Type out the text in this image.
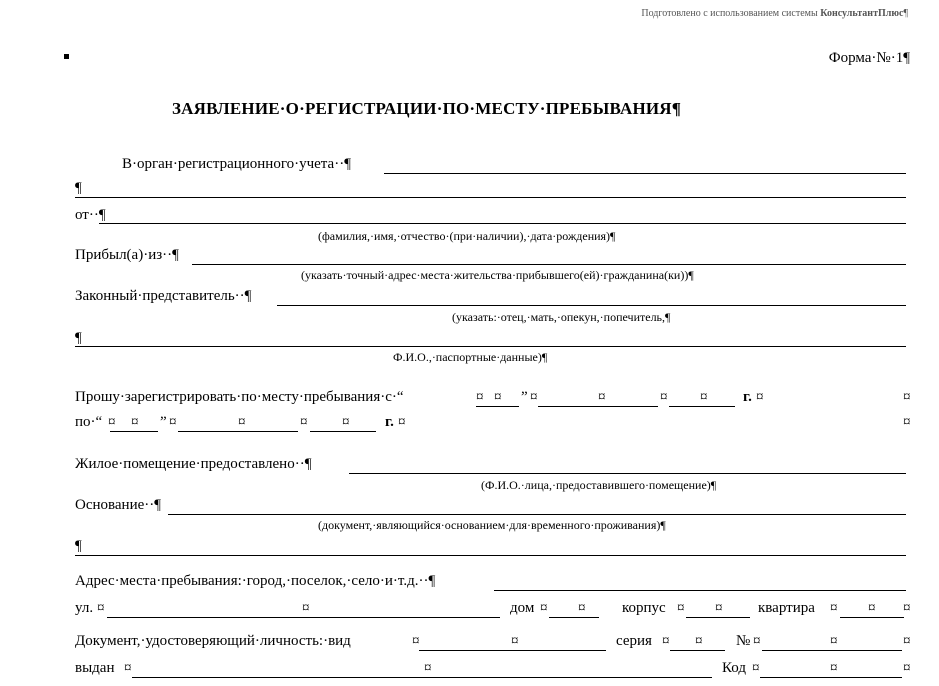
Подготовлено с использованием системы КонсультантПлюс¶
Форма·№·1¶
ЗАЯВЛЕНИЕ·О·РЕГИСТРАЦИИ·ПО·МЕСТУ·ПРЕБЫВАНИЯ¶
В·орган·регистрационного·учета··¶
¶
от··¶
(фамилия,·имя,·отчество·(при·наличии),·дата·рождения)¶
Прибыл(а)·из··¶
(указать·точный·адрес·места·жительства·прибывшего(ей)·гражданина(ки))¶
Законный·представитель··¶
(указать:·отец,·мать,·опекун,·попечитель,¶
¶
Ф.И.О.,·паспортные·данные)¶
Прошу·зарегистрировать·по·месту·пребывания·с·“	¤ ¤ ” ¤	¤	¤ ¤ г. ¤	¤
по·“ ¤ ¤ ” ¤	¤	¤ ¤ г. ¤	¤
Жилое·помещение·предоставлено··¶
(Ф.И.О.·лица,·предоставившего·помещение)¶
Основание··¶
(документ,·являющийся·основанием·для·временного·проживания)¶
¶
Адрес·места·пребывания:·город,·поселок,·село·и·т.д.··¶
ул. ¤	¤	дом ¤ ¤ корпус ¤ ¤ квартира ¤ ¤ ¤
Документ,·удостоверяющий·личность:·вид	¤	¤	серия ¤ ¤ № ¤	¤	¤
выдан ¤	¤	Код ¤	¤	¤
